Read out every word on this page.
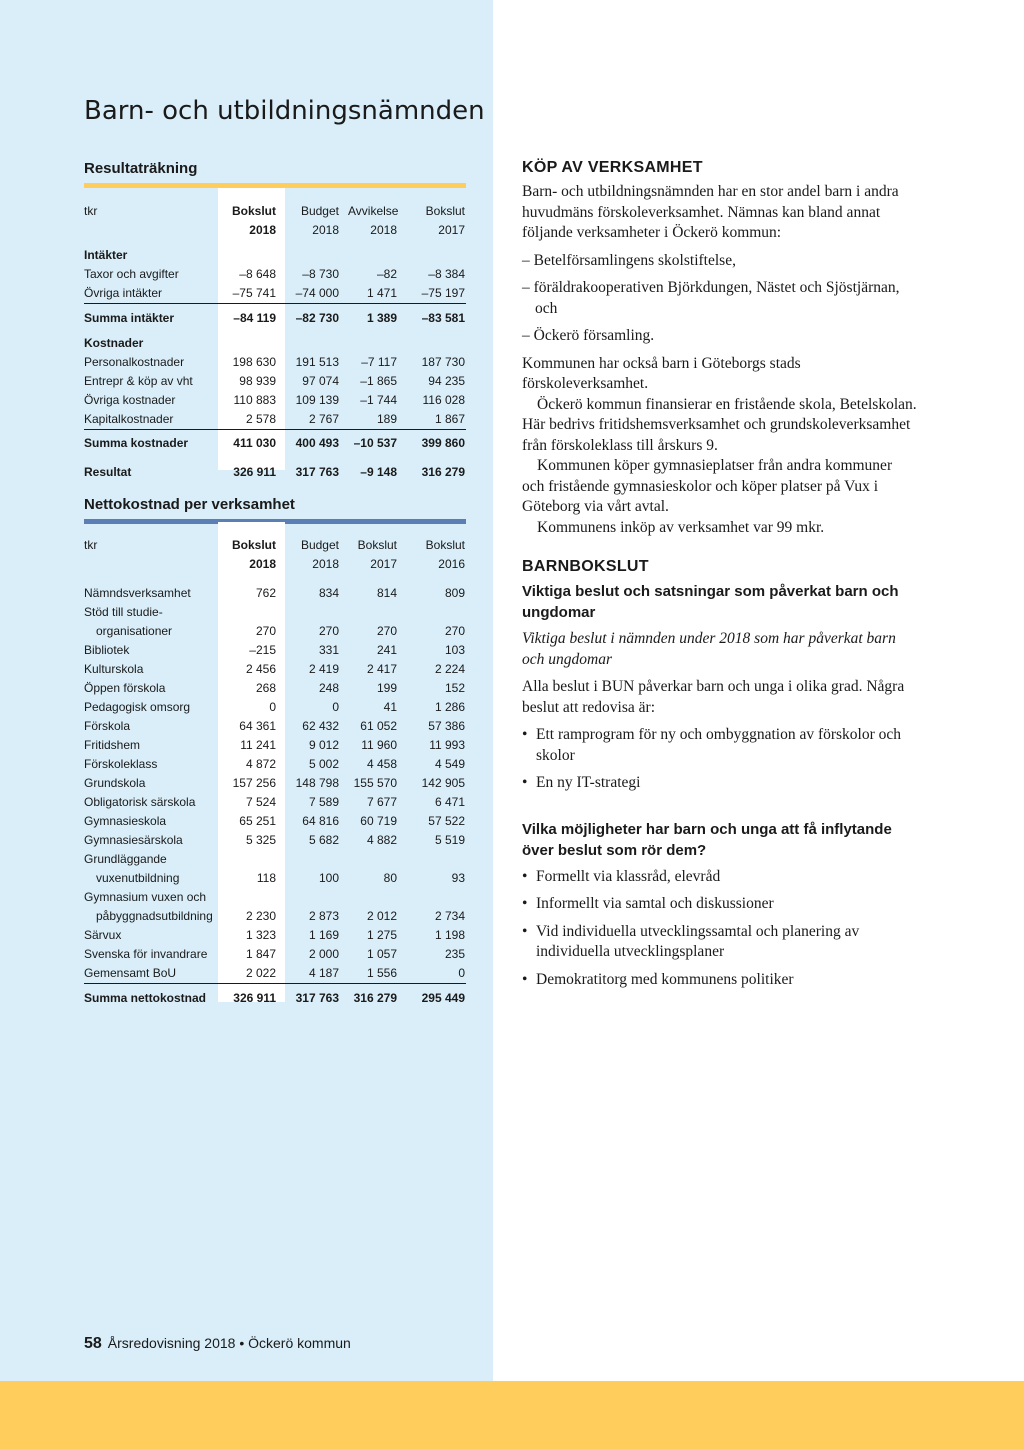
Barn- och utbildningsnämnden
Resultaträkning
tkr	Bokslut	Budget	Avvikelse	Bokslut
	2018	2018	2018	2017
Intäkter				
Taxor och avgifter	–8 648	–8 730	–82	–8 384
Övriga intäkter	–75 741	–74 000	1 471	–75 197
Summa intäkter	–84 119	–82 730	1 389	–83 581
Kostnader				
Personalkostnader	198 630	191 513	–7 117	187 730
Entrepr & köp av vht	98 939	97 074	–1 865	94 235
Övriga kostnader	110 883	109 139	–1 744	116 028
Kapitalkostnader	2 578	2 767	189	1 867
Summa kostnader	411 030	400 493	–10 537	399 860

Resultat	326 911	317 763	–9 148	316 279
Nettokostnad per verksamhet
tkr	Bokslut	Budget	Bokslut	Bokslut
	2018	2018	2017	2016

Nämndsverksamhet	762	834	814	809
Stöd till studie-				
organisationer	270	270	270	270
Bibliotek	–215	331	241	103
Kulturskola	2 456	2 419	2 417	2 224
Öppen förskola	268	248	199	152
Pedagogisk omsorg	0	0	41	1 286
Förskola	64 361	62 432	61 052	57 386
Fritidshem	11 241	9 012	11 960	11 993
Förskoleklass	4 872	5 002	4 458	4 549
Grundskola	157 256	148 798	155 570	142 905
Obligatorisk särskola	7 524	7 589	7 677	6 471
Gymnasieskola	65 251	64 816	60 719	57 522
Gymnasiesärskola	5 325	5 682	4 882	5 519
Grundläggande				
vuxenutbildning	118	100	80	93
Gymnasium vuxen och				
påbyggnadsutbildning	2 230	2 873	2 012	2 734
Särvux	1 323	1 169	1 275	1 198
Svenska för invandrare	1 847	2 000	1 057	235
Gemensamt BoU	2 022	4 187	1 556	0
Summa nettokostnad	326 911	317 763	316 279	295 449
58 Årsredovisning 2018 • Öckerö kommun
KÖP AV VERKSAMHET

Barn- och utbildningsnämnden har en stor andel barn i andra huvudmäns förskoleverksamhet. Nämnas kan bland annat följande verksamheter i Öckerö kommun:

– Betelförsamlingens skolstiftelse,

– föräldrakooperativen Björkdungen, Nästet och Sjöstjärnan, och

– Öckerö församling.

Kommunen har också barn i Göteborgs stads förskoleverksamhet.

Öckerö kommun finansierar en fristående skola, Betelskolan. Här bedrivs fritidshemsverksamhet och grundskoleverksamhet från förskoleklass till årskurs 9.

Kommunen köper gymnasieplatser från andra kommuner och fristående gymnasieskolor och köper platser på Vux i Göteborg via vårt avtal.

Kommunens inköp av verksamhet var 99 mkr.

BARNBOKSLUT
Viktiga beslut och satsningar som påverkat barn och ungdomar

Viktiga beslut i nämnden under 2018 som har påverkat barn och ungdomar

Alla beslut i BUN påverkar barn och unga i olika grad. Några beslut att redovisa är:

• Ett ramprogram för ny och ombyggnation av förskolor och skolor
• En ny IT-strategi
Vilka möjligheter har barn och unga att få inflytande över beslut som rör dem?
• Formellt via klassråd, elevråd
• Informellt via samtal och diskussioner
• Vid individuella utvecklingssamtal och planering av individuella utvecklingsplaner
• Demokratitorg med kommunens politiker
